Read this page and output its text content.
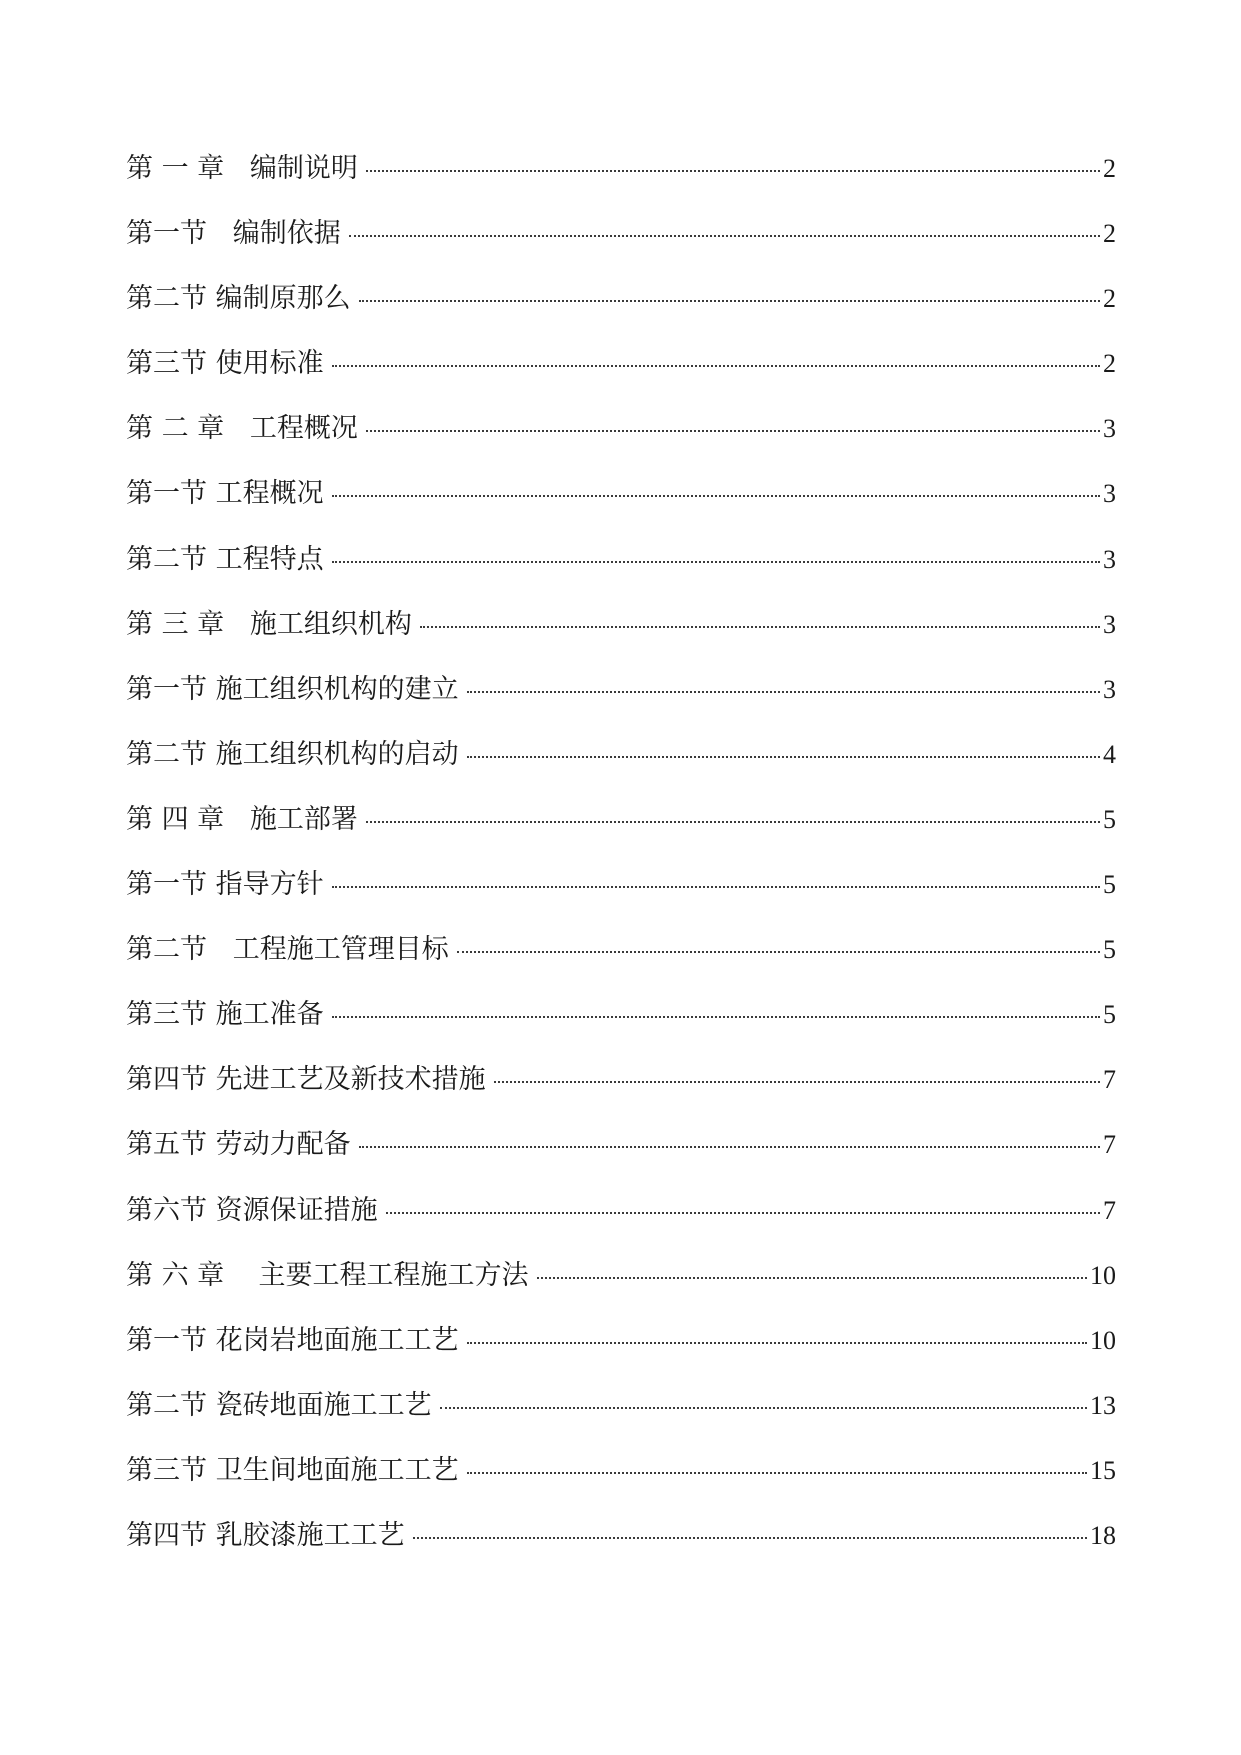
第 一 章   编制说明	2
第一节   编制依据	2
第二节 编制原那么	2
第三节 使用标准	2
第 二 章   工程概况	3
第一节 工程概况	3
第二节 工程特点	3
第 三 章   施工组织机构	3
第一节 施工组织机构的建立	3
第二节 施工组织机构的启动	4
第 四 章   施工部署	5
第一节 指导方针	5
第二节   工程施工管理目标	5
第三节 施工准备	5
第四节 先进工艺及新技术措施	7
第五节 劳动力配备	7
第六节 资源保证措施	7
第 六 章    主要工程工程施工方法	10
第一节 花岗岩地面施工工艺	10
第二节 瓷砖地面施工工艺	13
第三节 卫生间地面施工工艺	15
第四节 乳胶漆施工工艺	18
